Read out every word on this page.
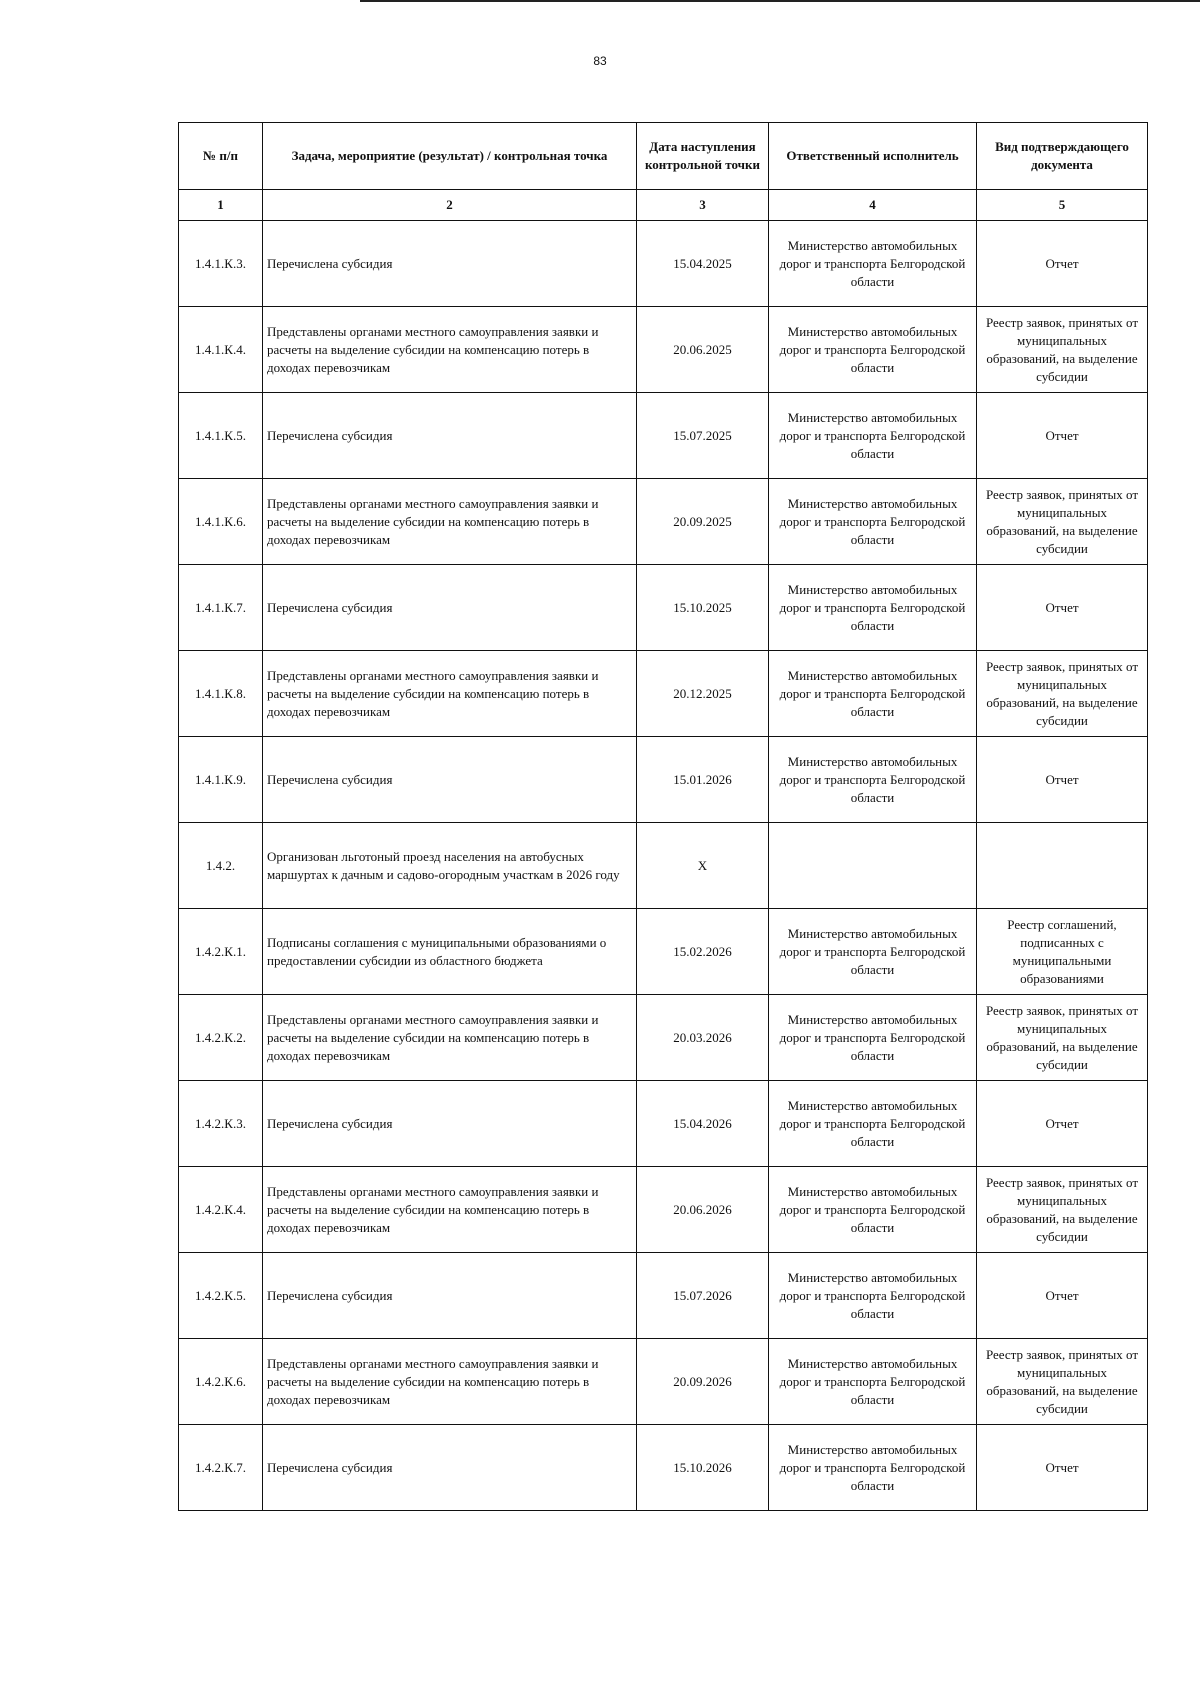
83
№ п/п	Задача, мероприятие (результат) / контрольная точка	Дата наступления контрольной точки	Ответственный исполнитель	Вид подтверждающего документа
1	2	3	4	5
1.4.1.К.3.	Перечислена субсидия	15.04.2025	Министерство автомобильных дорог и транспорта Белгородской области	Отчет
1.4.1.К.4.	Представлены органами местного самоуправления заявки и расчеты на выделение субсидии на компенсацию потерь в доходах перевозчикам	20.06.2025	Министерство автомобильных дорог и транспорта Белгородской области	Реестр заявок, принятых от муниципальных образований, на выделение субсидии
1.4.1.К.5.	Перечислена субсидия	15.07.2025	Министерство автомобильных дорог и транспорта Белгородской области	Отчет
1.4.1.К.6.	Представлены органами местного самоуправления заявки и расчеты на выделение субсидии на компенсацию потерь в доходах перевозчикам	20.09.2025	Министерство автомобильных дорог и транспорта Белгородской области	Реестр заявок, принятых от муниципальных образований, на выделение субсидии
1.4.1.К.7.	Перечислена субсидия	15.10.2025	Министерство автомобильных дорог и транспорта Белгородской области	Отчет
1.4.1.К.8.	Представлены органами местного самоуправления заявки и расчеты на выделение субсидии на компенсацию потерь в доходах перевозчикам	20.12.2025	Министерство автомобильных дорог и транспорта Белгородской области	Реестр заявок, принятых от муниципальных образований, на выделение субсидии
1.4.1.К.9.	Перечислена субсидия	15.01.2026	Министерство автомобильных дорог и транспорта Белгородской области	Отчет
1.4.2.	Организован льготоный проезд населения на автобусных маршуртах к дачным и садово-огородным участкам в 2026 году	X		
1.4.2.К.1.	Подписаны соглашения с муниципальными образованиями о предоставлении субсидии из областного бюджета	15.02.2026	Министерство автомобильных дорог и транспорта Белгородской области	Реестр соглашений, подписанных с муниципальными образованиями
1.4.2.К.2.	Представлены органами местного самоуправления заявки и расчеты на выделение субсидии на компенсацию потерь в доходах перевозчикам	20.03.2026	Министерство автомобильных дорог и транспорта Белгородской области	Реестр заявок, принятых от муниципальных образований, на выделение субсидии
1.4.2.К.3.	Перечислена субсидия	15.04.2026	Министерство автомобильных дорог и транспорта Белгородской области	Отчет
1.4.2.К.4.	Представлены органами местного самоуправления заявки и расчеты на выделение субсидии на компенсацию потерь в доходах перевозчикам	20.06.2026	Министерство автомобильных дорог и транспорта Белгородской области	Реестр заявок, принятых от муниципальных образований, на выделение субсидии
1.4.2.К.5.	Перечислена субсидия	15.07.2026	Министерство автомобильных дорог и транспорта Белгородской области	Отчет
1.4.2.К.6.	Представлены органами местного самоуправления заявки и расчеты на выделение субсидии на компенсацию потерь в доходах перевозчикам	20.09.2026	Министерство автомобильных дорог и транспорта Белгородской области	Реестр заявок, принятых от муниципальных образований, на выделение субсидии
1.4.2.К.7.	Перечислена субсидия	15.10.2026	Министерство автомобильных дорог и транспорта Белгородской области	Отчет
